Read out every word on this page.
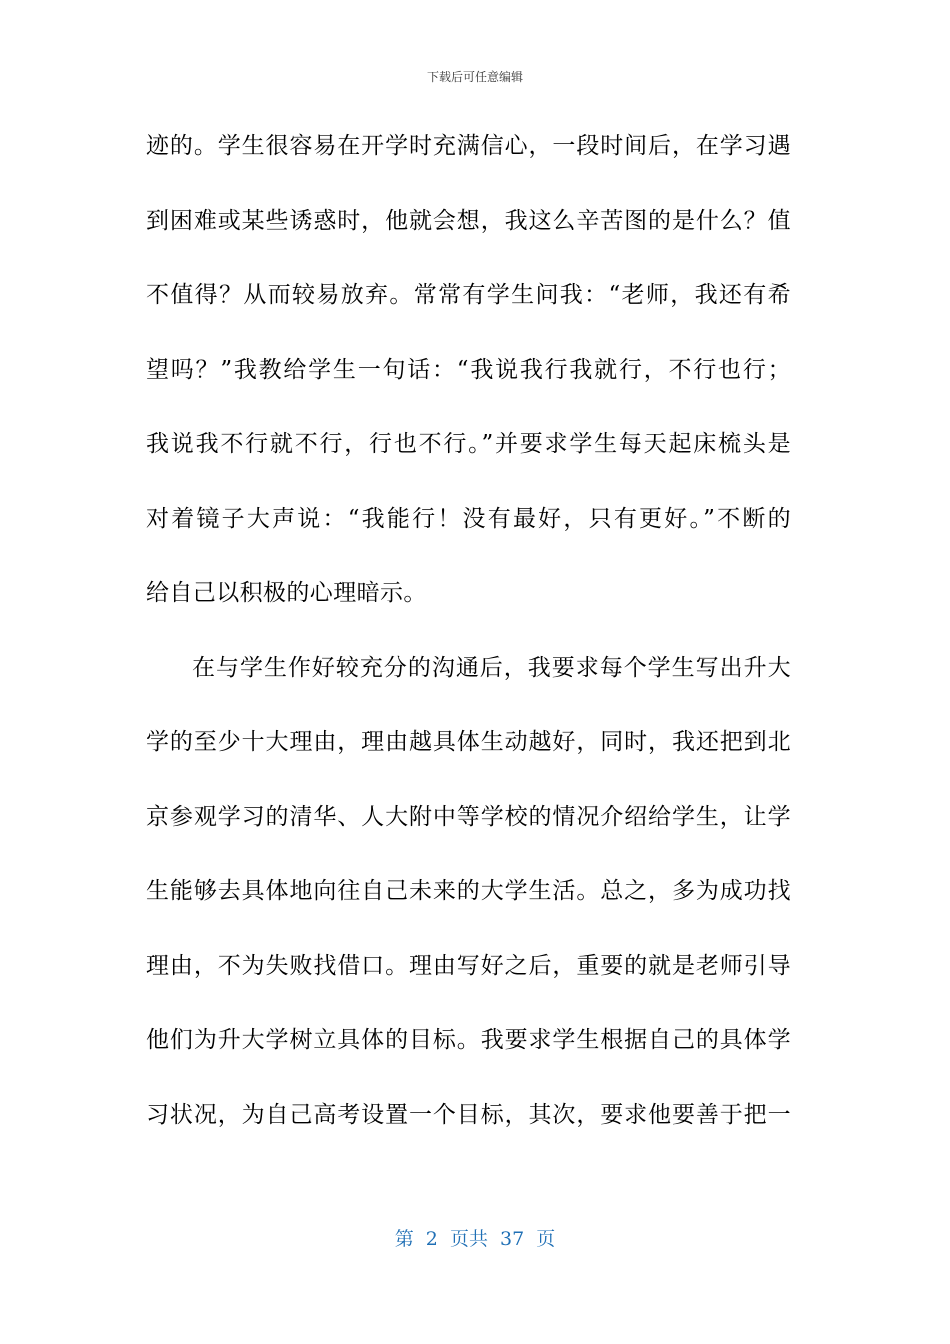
下载后可任意编辑
迹的。学生很容易在开学时充满信心，一段时间后，在学习遇
到困难或某些诱惑时，他就会想，我这么辛苦图的是什么？值
不值得？从而较易放弃。常常有学生问我：“老师，我还有希
望吗？”我教给学生一句话：“我说我行我就行，不行也行；
我说我不行就不行，行也不行。”并要求学生每天起床梳头是
对着镜子大声说：“我能行！没有最好，只有更好。”不断的
给自己以积极的心理暗示。
在与学生作好较充分的沟通后，我要求每个学生写出升大
学的至少十大理由，理由越具体生动越好，同时，我还把到北
京参观学习的清华、人大附中等学校的情况介绍给学生，让学
生能够去具体地向往自己未来的大学生活。总之，多为成功找
理由，不为失败找借口。理由写好之后，重要的就是老师引导
他们为升大学树立具体的目标。我要求学生根据自己的具体学
习状况，为自己高考设置一个目标，其次，要求他要善于把一
第  2  页共  37  页
